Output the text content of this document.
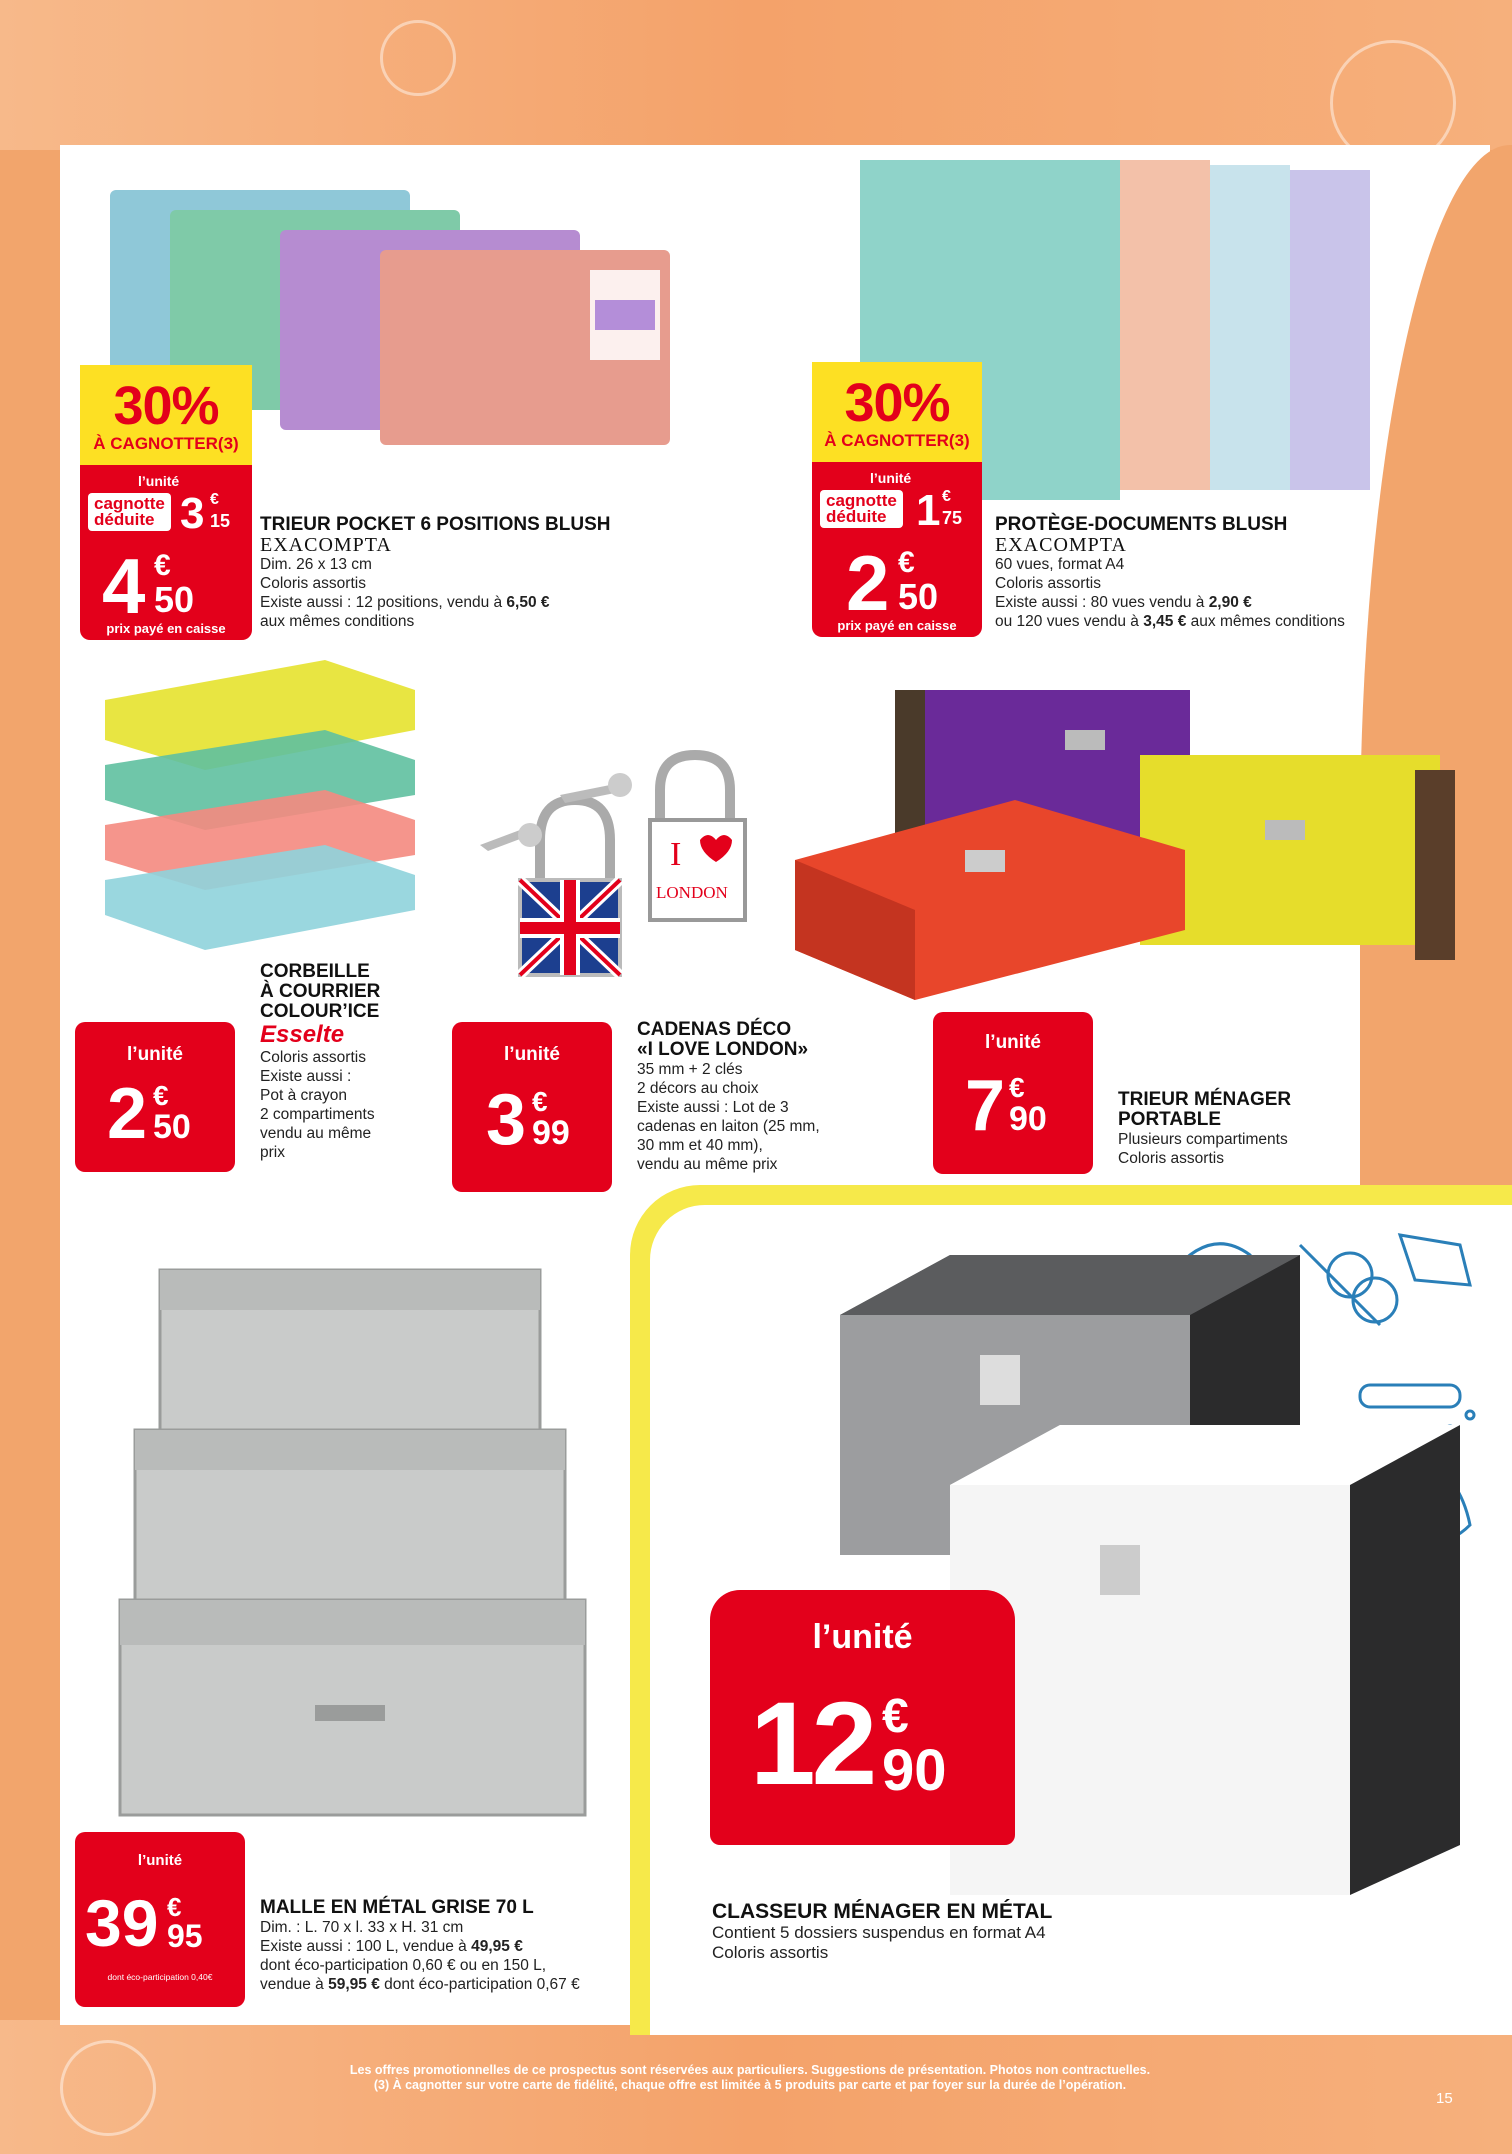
30%
À CAGNOTTER(3)
l’unité
cagnotte
déduite 3 €
15
4 €
50
prix payé en caisse
TRIEUR POCKET 6 POSITIONS BLUSH
EXACOMPTA
Dim. 26 x 13 cm
Coloris assortis
Existe aussi : 12 positions, vendu à 6,50 €
aux mêmes conditions
30%
À CAGNOTTER(3)
l’unité
cagnotte
déduite 1 €
75
2 €
50
prix payé en caisse
PROTÈGE-DOCUMENTS BLUSH
EXACOMPTA
60 vues, format A4
Coloris assortis
Existe aussi : 80 vues vendu à 2,90 €
ou 120 vues vendu à 3,45 € aux mêmes conditions
l’unité
2 €
50
CORBEILLE
À COURRIER
COLOUR’ICE
Esselte
Coloris assortis
Existe aussi :
Pot à crayon
2 compartiments
vendu au même
prix
I
LONDON
l’unité
3 €
99
CADENAS DÉCO
«I LOVE LONDON»
35 mm + 2 clés
2 décors au choix
Existe aussi : Lot de 3
cadenas en laiton (25 mm,
30 mm et 40 mm),
vendu au même prix
l’unité
7 €
90
TRIEUR MÉNAGER
PORTABLE
Plusieurs compartiments
Coloris assortis
l’unité
39 €
95
dont éco-participation 0,40€
MALLE EN MÉTAL GRISE 70 L
Dim. : L. 70 x l. 33 x H. 31 cm
Existe aussi : 100 L, vendue à 49,95 €
dont éco-participation 0,60 € ou en 150 L,
vendue à 59,95 € dont éco-participation 0,67 €
l’unité
12 €
90
CLASSEUR MÉNAGER EN MÉTAL
Contient 5 dossiers suspendus en format A4
Coloris assortis
Les offres promotionnelles de ce prospectus sont réservées aux particuliers. Suggestions de présentation. Photos non contractuelles.
(3) À cagnotter sur votre carte de fidélité, chaque offre est limitée à 5 produits par carte et par foyer sur la durée de l’opération.
15
